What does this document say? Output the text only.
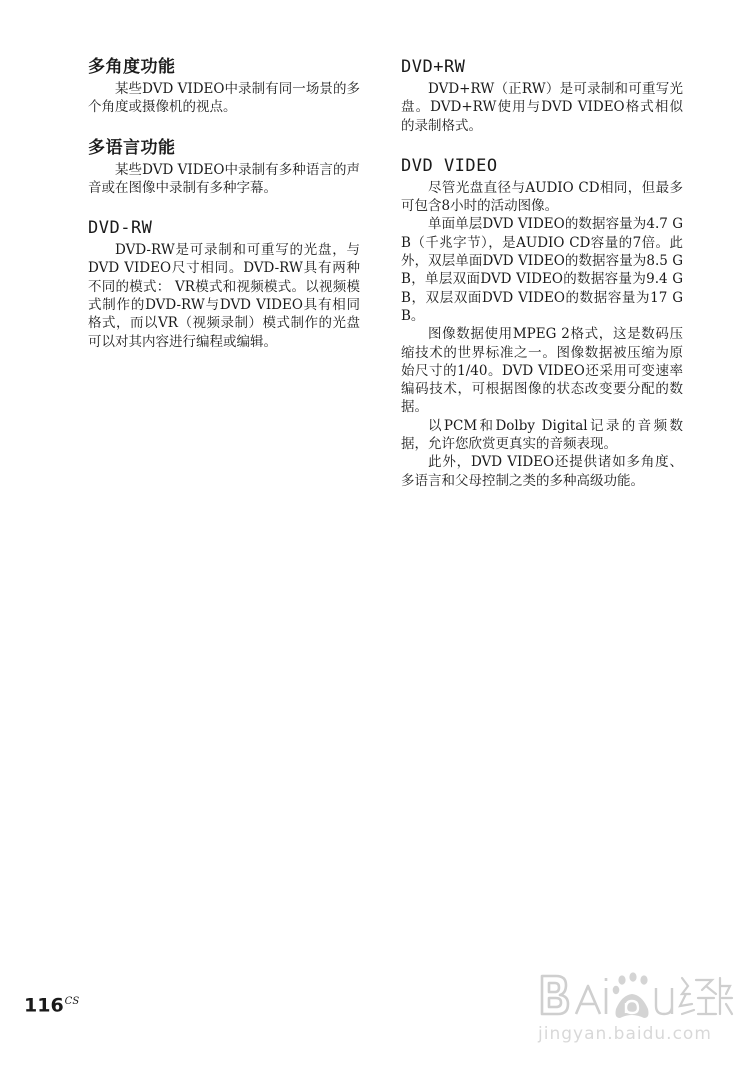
多角度功能

某些DVD VIDEO中录制有同一场景的多个角度或摄像机的视点。

多语言功能

某些DVD VIDEO中录制有多种语言的声音或在图像中录制有多种字幕。

DVD-RW

DVD-RW是可录制和可重写的光盘，与DVD VIDEO尺寸相同。DVD-RW具有两种不同的模式： VR模式和视频模式。以视频模式制作的DVD-RW与DVD VIDEO具有相同格式，而以VR（视频录制）模式制作的光盘可以对其内容进行编程或编辑。

DVD+RW

DVD+RW（正RW）是可录制和可重写光盘。DVD+RW使用与DVD VIDEO格式相似的录制格式。

DVD VIDEO

尽管光盘直径与AUDIO CD相同，但最多可包含8小时的活动图像。

单面单层DVD VIDEO的数据容量为4.7 GB（千兆字节），是AUDIO CD容量的7倍。此外，双层单面DVD VIDEO的数据容量为8.5 GB，单层双面DVD VIDEO的数据容量为9.4 GB，双层双面DVD VIDEO的数据容量为17 GB。

图像数据使用MPEG 2格式，这是数码压缩技术的世界标准之一。图像数据被压缩为原始尺寸的1/40。DVD VIDEO还采用可变速率编码技术，可根据图像的状态改变要分配的数据。

以PCM和Dolby Digital记录的音频数据，允许您欣赏更真实的音频表现。

此外，DVD VIDEO还提供诸如多角度、多语言和父母控制之类的多种高级功能。

$116^{CS}$
jingyan.baidu.com
